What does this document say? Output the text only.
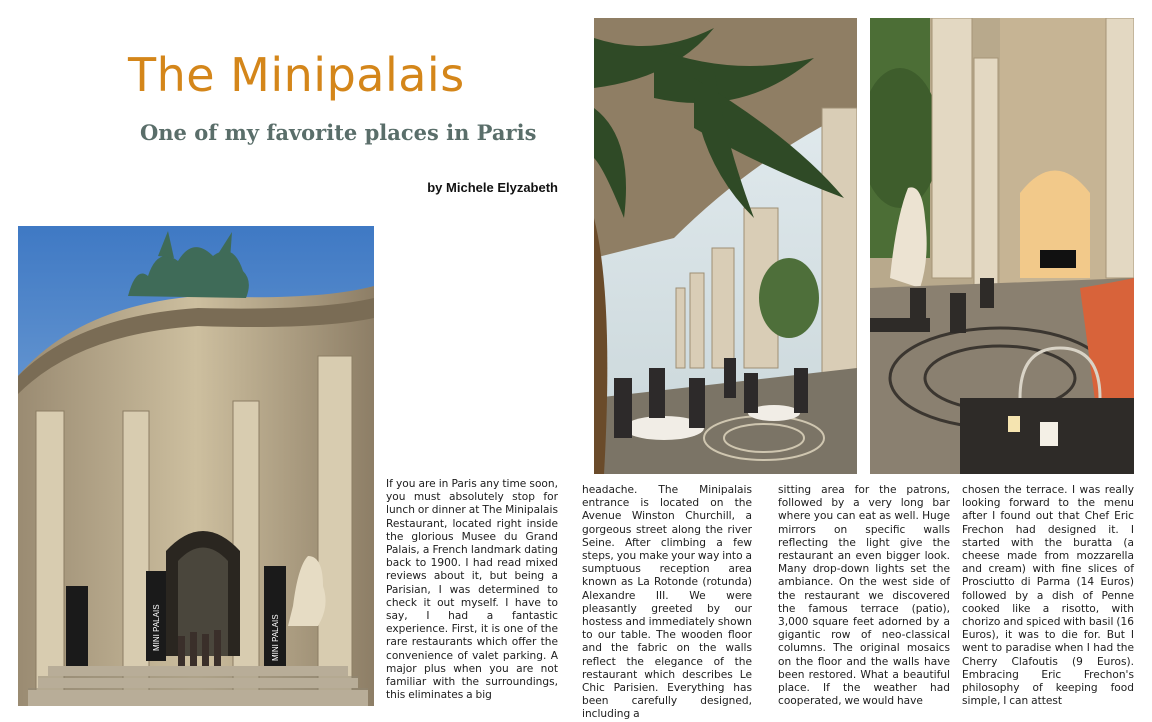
The Minipalais
One of my favorite places in Paris
by Michele Elyzabeth
MINI PALAIS	MINI PALAIS

If you are in Paris any time soon, you must absolutely stop for lunch or dinner at The Minipalais Restaurant, located right inside the glorious Musee du Grand Palais, a French landmark dating back to 1900. I had read mixed reviews about it, but being a Parisian, I was determined to check it out myself. I have to say, I had a fantastic experience. First, it is one of the rare restaurants which offer the convenience of valet parking. A major plus when you are not familiar with the surroundings, this eliminates a big

headache. The Minipalais entrance is located on the Avenue Winston Churchill, a gorgeous street along the river Seine. After climbing a few steps, you make your way into a sumptuous reception area known as La Rotonde (rotunda) Alexandre III. We were pleasantly greeted by our hostess and immediately shown to our table. The wooden floor and the fabric on the walls reflect the elegance of the restaurant which describes Le Chic Parisien. Everything has been carefully designed, including a

sitting area for the patrons, followed by a very long bar where you can eat as well. Huge mirrors on specific walls reflecting the light give the restaurant an even bigger look. Many drop-down lights set the ambiance. On the west side of the restaurant we discovered the famous terrace (patio), 3,000 square feet adorned by a gigantic row of neo-classical columns. The original mosaics on the floor and the walls have been restored. What a beautiful place. If the weather had cooperated, we would have

chosen the terrace. I was really looking forward to the menu after I found out that Chef Eric Frechon had designed it. I started with the buratta (a cheese made from mozzarella and cream) with fine slices of Prosciutto di Parma (14 Euros) followed by a dish of Penne cooked like a risotto, with chorizo and spiced with basil (16 Euros), it was to die for. But I went to paradise when I had the Cherry Clafoutis (9 Euros). Embracing Eric Frechon's philosophy of keeping food simple, I can attest
